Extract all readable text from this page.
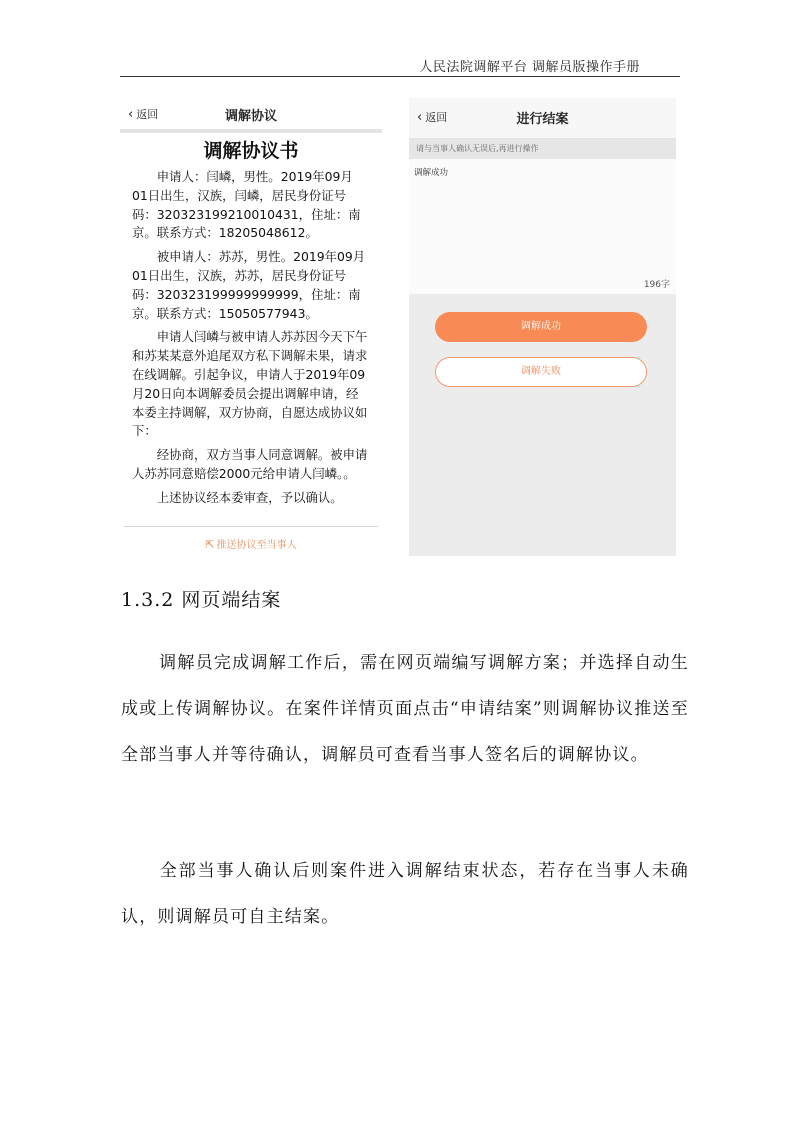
人民法院调解平台 调解员版操作手册
‹ 返回	调解协议
调解协议书

申请人：闫嶙，男性。2019年09月01日出生，汉族，闫嶙，居民身份证号码：320323199210010431，住址：南京。联系方式：18205048612。

被申请人：苏苏，男性。2019年09月01日出生，汉族，苏苏，居民身份证号码：320323199999999999，住址：南京。联系方式：15050577943。

申请人闫嶙与被申请人苏苏因今天下午和苏某某意外追尾双方私下调解未果，请求在线调解。引起争议，申请人于2019年09月20日向本调解委员会提出调解申请，经本委主持调解，双方协商，自愿达成协议如下：

经协商，双方当事人同意调解。被申请人苏苏同意赔偿2000元给申请人闫嶙。。

上述协议经本委审查，予以确认。

⇱ 推送协议至当事人
‹ 返回	进行结案
请与当事人确认无误后,再进行操作
调解成功
196字
调解成功
调解失败
1.3.2 网页端结案
调解员完成调解工作后，需在网页端编写调解方案；并选择自动生成或上传调解协议。在案件详情页面点击“申请结案”则调解协议推送至全部当事人并等待确认，调解员可查看当事人签名后的调解协议。
全部当事人确认后则案件进入调解结束状态，若存在当事人未确认，则调解员可自主结案。
